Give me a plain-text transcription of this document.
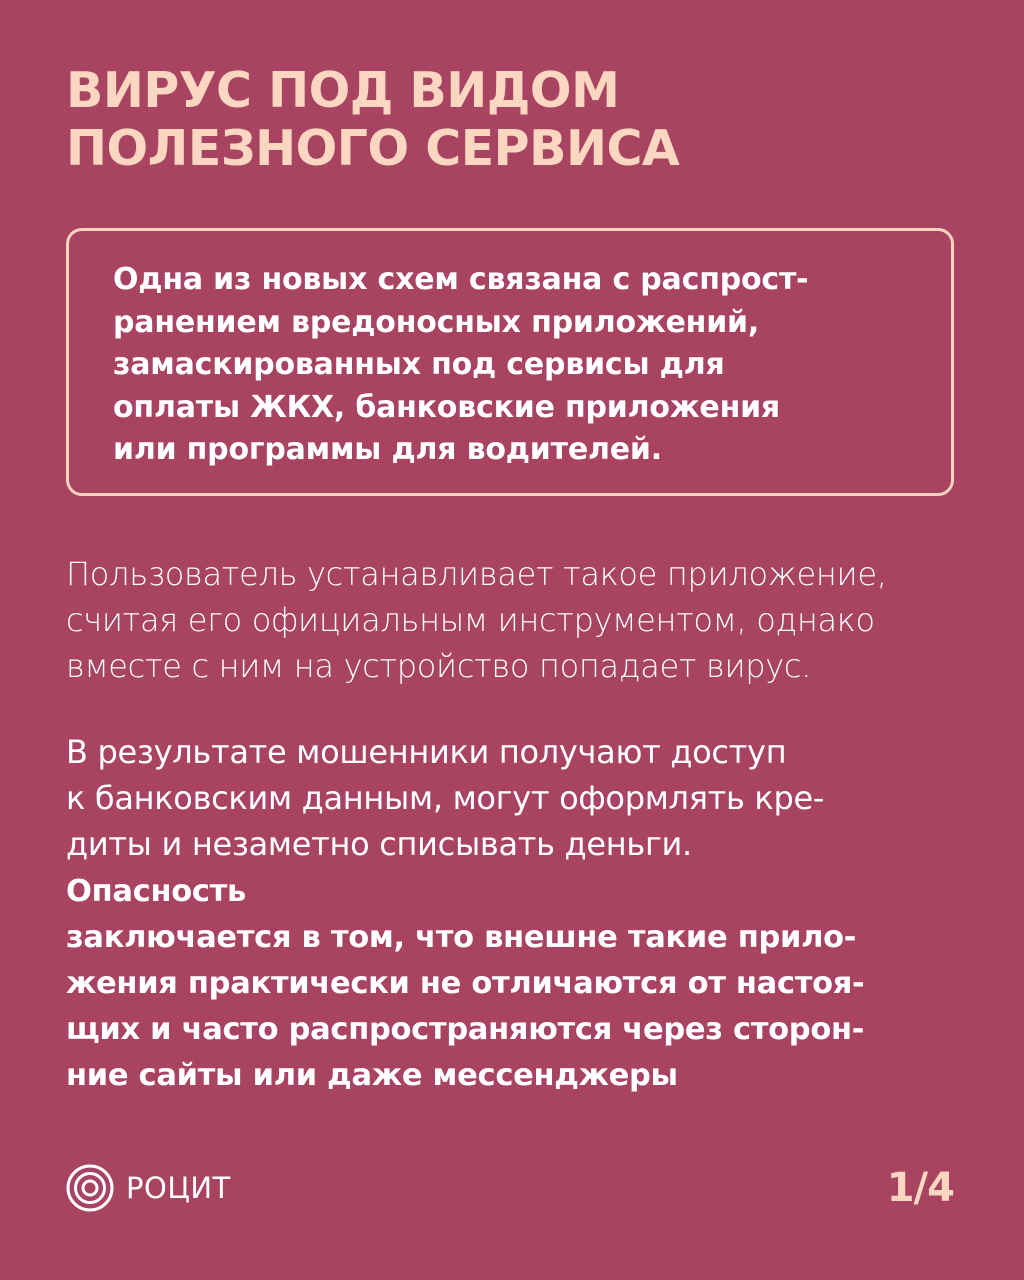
ВИРУС ПОД ВИДОМ
ПОЛЕЗНОГО СЕРВИСА
Одна из новых схем связана с распрост-
ранением вредоносных приложений,
замаскированных под сервисы для
оплаты ЖКХ, банковские приложения
или программы для водителей.
Пользователь устанавливает такое приложение,
считая его официальным инструментом, однако
вместе с ним на устройство попадает вирус.
В результате мошенники получают доступ
к банковским данным, могут оформлять кре-
диты и незаметно списывать деньги.
Опасность
заключается в том, что внешне такие прило-
жения практически не отличаются от настоя-
щих и часто распространяются через сторон-
ние сайты или даже мессенджеры
РОЦИТ	1/4
